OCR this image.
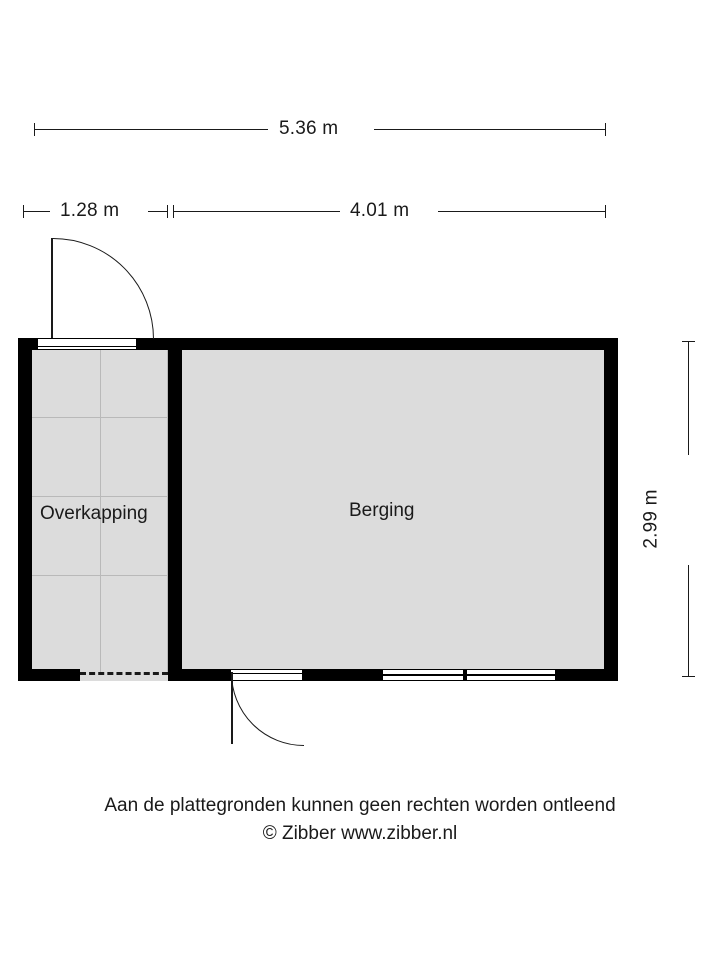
5.36 m
1.28 m	4.01 m
2.99 m
Overkapping	Berging
Aan de plattegronden kunnen geen rechten worden ontleend
© Zibber www.zibber.nl
